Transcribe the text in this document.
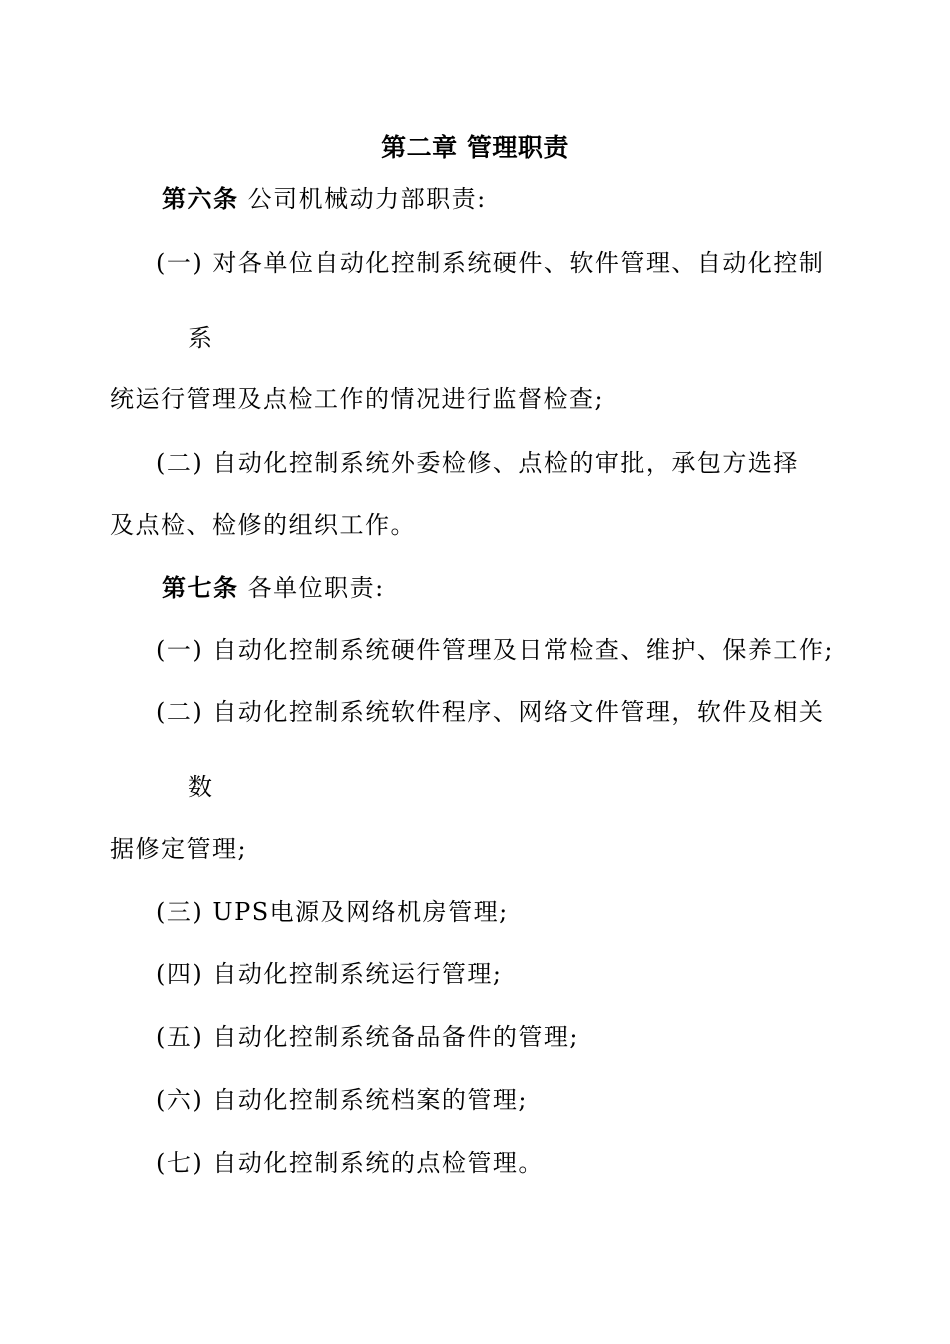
第二章 管理职责
第六条 公司机械动力部职责:
(一) 对各单位自动化控制系统硬件、软件管理、自动化控制
系
统运行管理及点检工作的情况进行监督检查;
(二) 自动化控制系统外委检修、点检的审批，承包方选择
及点检、检修的组织工作。
第七条 各单位职责:
(一) 自动化控制系统硬件管理及日常检查、维护、保养工作;
(二) 自动化控制系统软件程序、网络文件管理，软件及相关
数
据修定管理;
(三) UPS电源及网络机房管理;
(四) 自动化控制系统运行管理;
(五) 自动化控制系统备品备件的管理;
(六) 自动化控制系统档案的管理;
(七) 自动化控制系统的点检管理。
